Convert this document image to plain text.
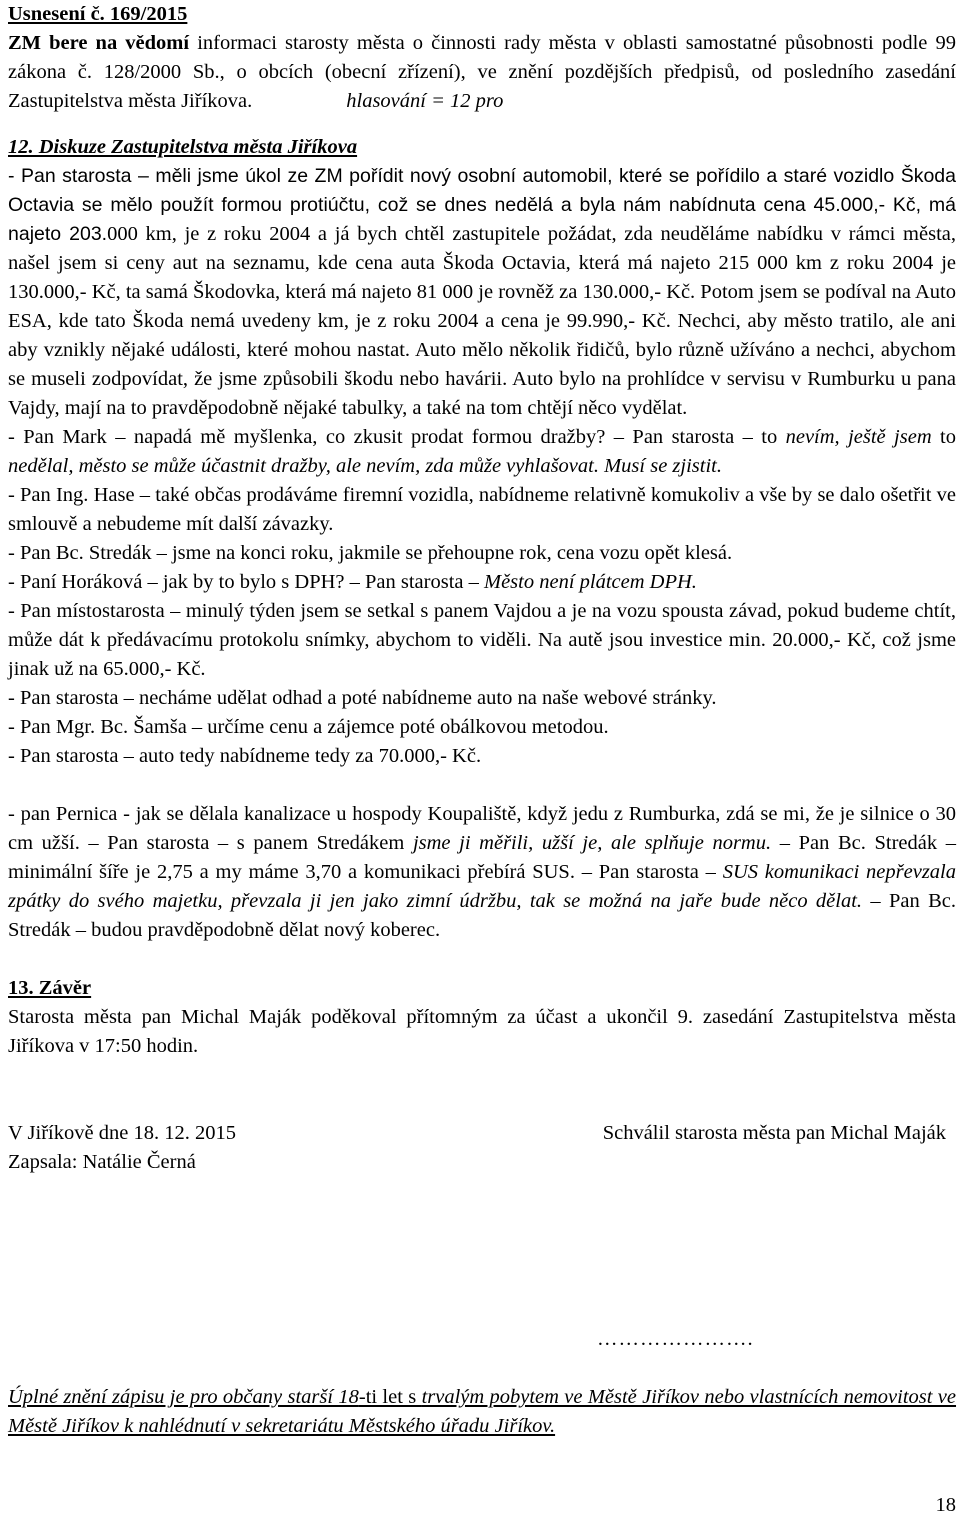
Usnesení č. 169/2015

ZM bere na vědomí informaci starosty města o činnosti rady města v oblasti samostatné působnosti podle 99 zákona č. 128/2000 Sb., o obcích (obecní zřízení), ve znění pozdějších předpisů, od posledního zasedání Zastupitelstva města Jiříkova.	hlasování = 12 pro

12. Diskuze Zastupitelstva města Jiříkova

- Pan starosta – měli jsme úkol ze ZM pořídit nový osobní automobil, které se pořídilo a staré vozidlo Škoda Octavia se mělo použít formou protiúčtu, což se dnes nedělá a byla nám nabídnuta cena 45.000,- Kč, má najeto 203.000 km, je z roku 2004 a já bych chtěl zastupitele požádat, zda neuděláme nabídku v rámci města, našel jsem si ceny aut na seznamu, kde cena auta Škoda Octavia, která má najeto 215 000 km z roku 2004 je 130.000,- Kč, ta samá Škodovka, která má najeto 81 000 je rovněž za 130.000,- Kč. Potom jsem se podíval na Auto ESA, kde tato Škoda nemá uvedeny km, je z roku 2004 a cena je 99.990,- Kč. Nechci, aby město tratilo, ale ani aby vznikly nějaké události, které mohou nastat. Auto mělo několik řidičů, bylo různě užíváno a nechci, abychom se museli zodpovídat, že jsme způsobili škodu nebo havárii. Auto bylo na prohlídce v servisu v Rumburku u pana Vajdy, mají na to pravděpodobně nějaké tabulky, a také na tom chtějí něco vydělat.

- Pan Mark – napadá mě myšlenka, co zkusit prodat formou dražby? – Pan starosta – to nevím, ještě jsem to nedělal, město se může účastnit dražby, ale nevím, zda může vyhlašovat. Musí se zjistit.

- Pan Ing. Hase – také občas prodáváme firemní vozidla, nabídneme relativně komukoliv a vše by se dalo ošetřit ve smlouvě a nebudeme mít další závazky.

- Pan Bc. Stredák – jsme na konci roku, jakmile se přehoupne rok, cena vozu opět klesá.

- Paní Horáková – jak by to bylo s DPH? – Pan starosta – Město není plátcem DPH.

- Pan místostarosta – minulý týden jsem se setkal s panem Vajdou a je na vozu spousta závad, pokud budeme chtít, může dát k předávacímu protokolu snímky, abychom to viděli. Na autě jsou investice min. 20.000,- Kč, což jsme jinak už na 65.000,- Kč.

- Pan starosta – necháme udělat odhad a poté nabídneme auto na naše webové stránky.

- Pan Mgr. Bc. Šamša – určíme cenu a zájemce poté obálkovou metodou.

- Pan starosta – auto tedy nabídneme tedy za 70.000,- Kč.

- pan Pernica - jak se dělala kanalizace u hospody Koupaliště, když jedu z Rumburka, zdá se mi, že je silnice o 30 cm užší. – Pan starosta – s panem Stredákem jsme ji měřili, užší je, ale splňuje normu. – Pan Bc. Stredák – minimální šíře je 2,75 a my máme 3,70 a komunikaci přebírá SUS. – Pan starosta – SUS komunikaci nepřevzala zpátky do svého majetku, převzala ji jen jako zimní údržbu, tak se možná na jaře bude něco dělat. – Pan Bc. Stredák – budou pravděpodobně dělat nový koberec.

13. Závěr

Starosta města pan Michal Maják poděkoval přítomným za účast a ukončil 9. zasedání Zastupitelstva města Jiříkova v 17:50 hodin.

V Jiříkově dne 18. 12. 2015	Schválil starosta města pan Michal Maják

Zapsala: Natálie Černá

………………….

Úplné znění zápisu je pro občany starší 18-ti let s trvalým pobytem ve Městě Jiříkov nebo vlastnících nemovitost ve Městě Jiříkov k nahlédnutí v sekretariátu Městského úřadu Jiříkov.

18
